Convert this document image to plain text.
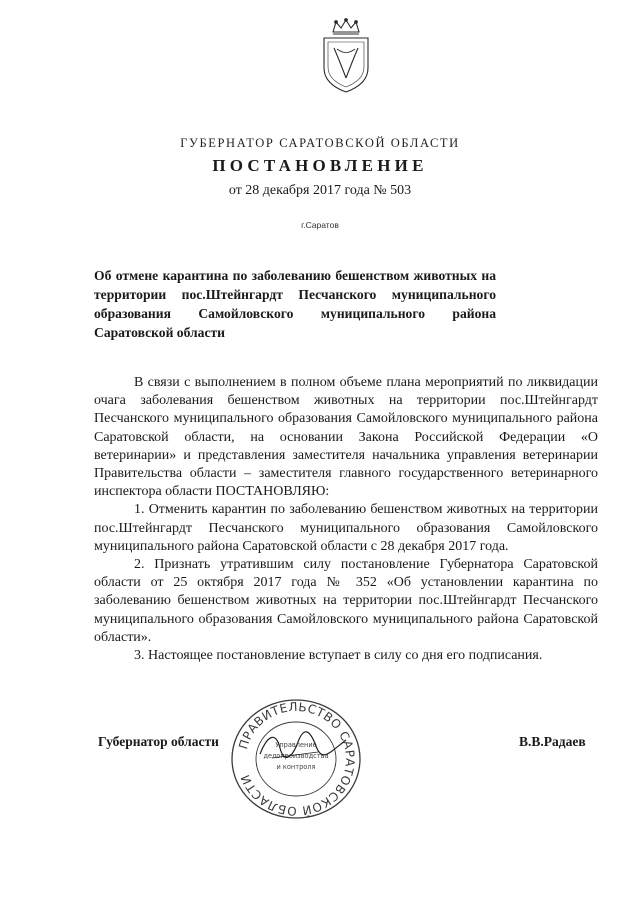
ГУБЕРНАТОР САРАТОВСКОЙ ОБЛАСТИ
ПОСТАНОВЛЕНИЕ
от 28 декабря 2017 года № 503
г.Саратов
Об отмене карантина по заболеванию бешенством животных на территории пос.Штейнгардт Песчанского муниципального образования Самойловского муниципального района Саратовской области

В связи с выполнением в полном объеме плана мероприятий по ликвидации очага заболевания бешенством животных на территории пос.Штейнгардт Песчанского муниципального образования Самойловского муниципального района Саратовской области, на основании Закона Российской Федерации «О ветеринарии» и представления заместителя начальника управления ветеринарии Правительства области – заместителя главного государственного ветеринарного инспектора области ПОСТАНОВЛЯЮ:

1. Отменить карантин по заболеванию бешенством животных на территории пос.Штейнгардт Песчанского муниципального образования Самойловского муниципального района Саратовской области с 28 декабря 2017 года.

2. Признать утратившим силу постановление Губернатора Саратовской области от 25 октября 2017 года № 352 «Об установлении карантина по заболеванию бешенством животных на территории пос.Штейнгардт Песчанского муниципального образования Самойловского муниципального района Саратовской области».

3. Настоящее постановление вступает в силу со дня его подписания.

Губернатор области	В.В.Радаев
ПРАВИТЕЛЬСТВО САРАТОВСКОЙ ОБЛАСТИ
Управление
делопроизводства
и контроля
